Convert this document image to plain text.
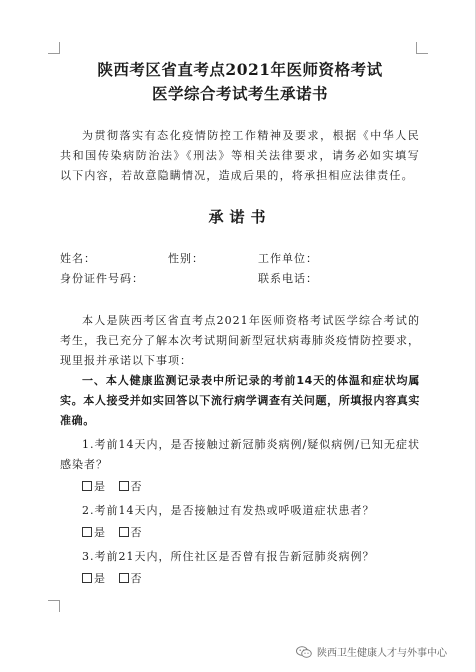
陕西考区省直考点2021年医师资格考试
医学综合考试考生承诺书

为贯彻落实有态化疫情防控工作精神及要求，根据《中华人民共和国传染病防治法》《刑法》等相关法律要求，请务必如实填写以下内容，若故意隐瞒情况，造成后果的，将承担相应法律责任。

承诺书
姓名：	性别：	工作单位：
身份证件号码：	联系电话：

本人是陕西考区省直考点2021年医师资格考试医学综合考试的考生，我已充分了解本次考试期间新型冠状病毒肺炎疫情防控要求，现里报并承诺以下事项：

一、本人健康监测记录表中所记录的考前14天的体温和症状均属实。本人接受并如实回答以下流行病学调查有关问题，所填报内容真实准确。

1.考前14天内，是否接触过新冠肺炎病例/疑似病例/已知无症状感染者？

是 否

2.考前14天内，是否接触过有发热或呼吸道症状患者？

是 否

3.考前21天内，所住社区是否曾有报告新冠肺炎病例？

是 否
陕西卫生健康人才与外事中心
